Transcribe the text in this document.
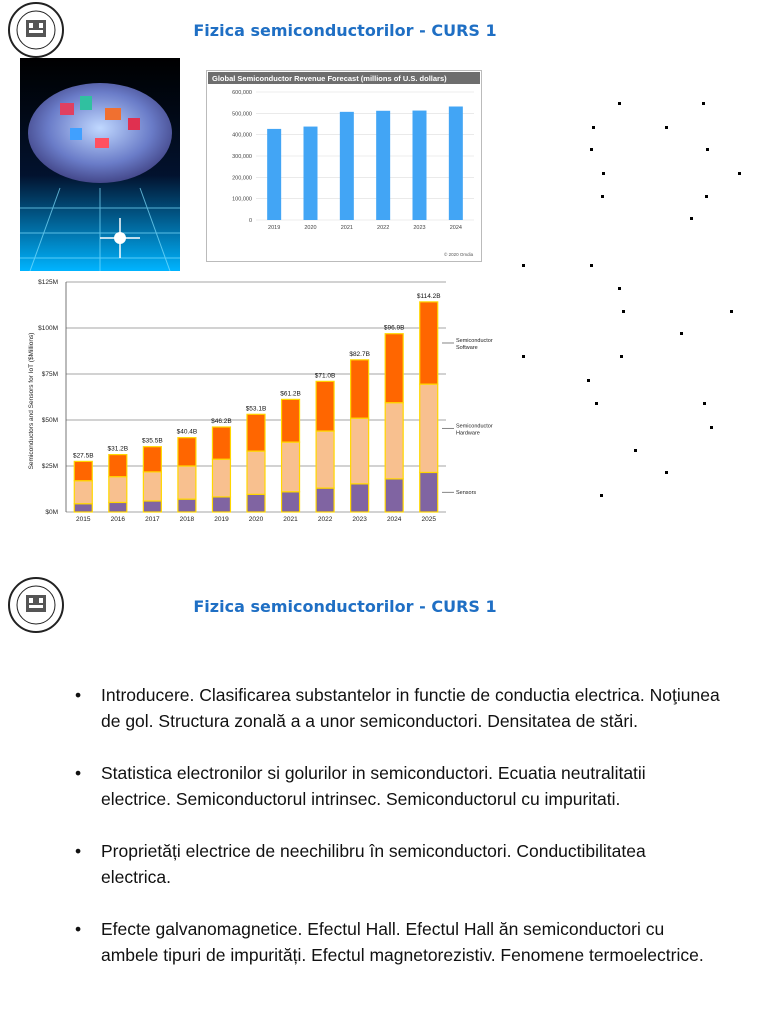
Fizica semiconductorilor - CURS 1
Global Semiconductor Revenue Forecast (millions of U.S. dollars)
2019	2020	2021	2022	2023	2024
0
100,000
200,000
300,000
400,000
500,000
600,000
© 2020 Omdia
Semiconductors and Sensors for IoT ($Millions)
2015	2016	2017	2018	2019	2020	2021	2022	2023	2024	2025
$0M
$25M
$50M
$75M
$100M
$125M
$27.5B
$31.2B
$35.5B
$40.4B
$46.2B
$53.1B
$61.2B
$71.0B
$82.7B
$96.9B
$114.2B
Sensors
Semiconductor
Hardware
Semiconductor
Software
Fizica semiconductorilor - CURS 1
• Introducere. Clasificarea substantelor in functie de conductia electrica. Noţiunea de gol. Structura zonală a a unor semiconductori. Densitatea de stări.
• Statistica electronilor si golurilor in semiconductori. Ecuatia neutralitatii electrice. Semiconductorul intrinsec. Semiconductorul cu impuritati.
• Proprietăți electrice de neechilibru în semiconductori. Conductibilitatea electrica.
• Efecte galvanomagnetice. Efectul Hall. Efectul Hall ăn semiconductori cu ambele tipuri de impurități. Efectul magnetorezistiv. Fenomene termoelectrice.
